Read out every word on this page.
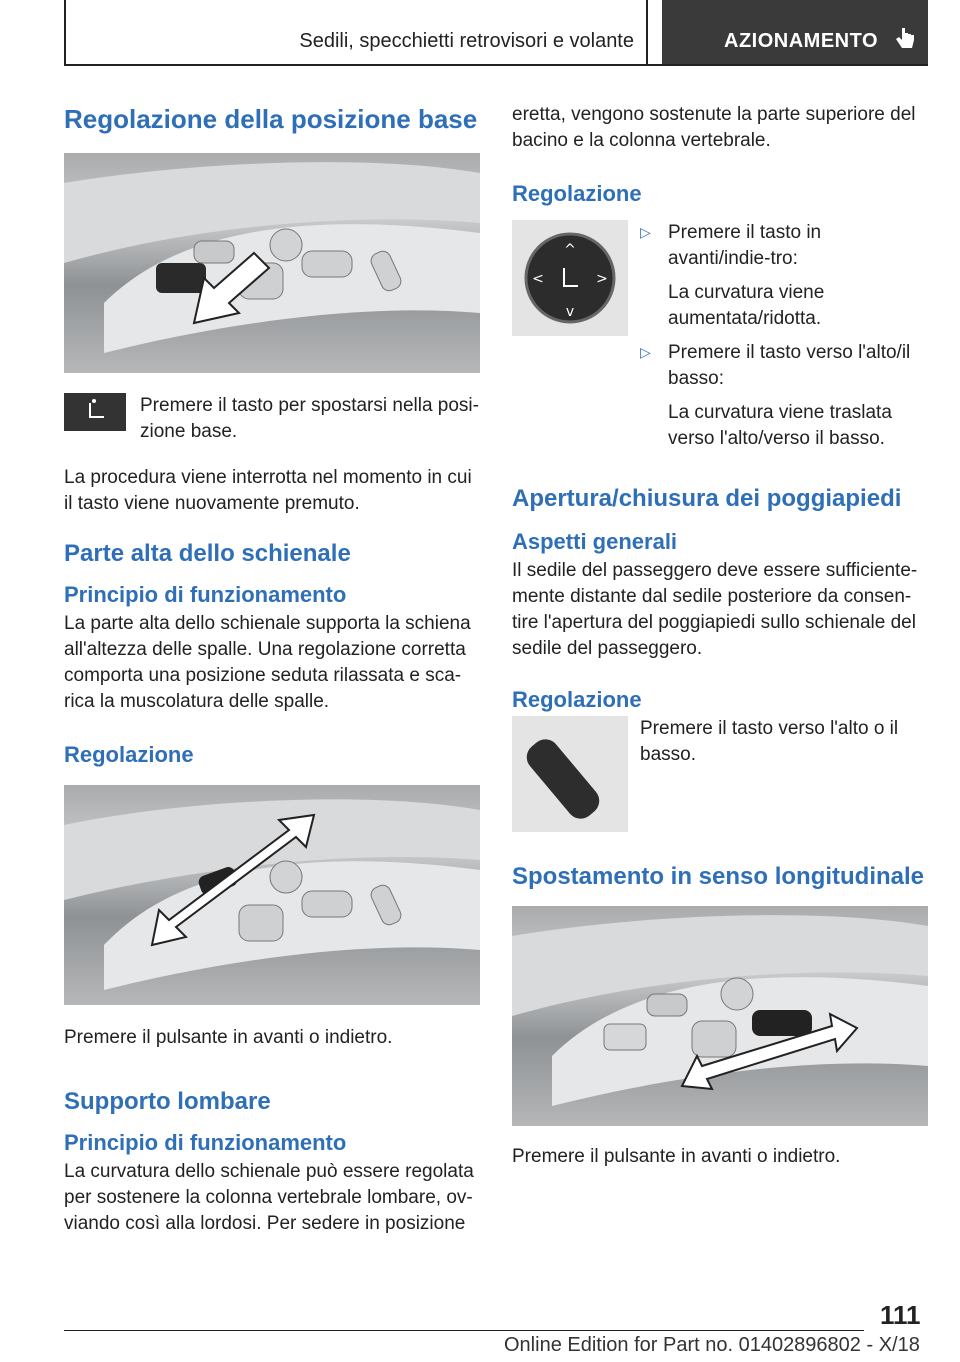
Sedili, specchietti retrovisori e volante	AZIONAMENTO
Regolazione della posizione base

Premere il tasto per spostarsi nella posi-zione base.

La procedura viene interrotta nel momento in cui il tasto viene nuovamente premuto.

Parte alta dello schienale
Principio di funzionamento

La parte alta dello schienale supporta la schiena all'altezza delle spalle. Una regolazione corretta comporta una posizione seduta rilassata e sca-rica la muscolatura delle spalle.

Regolazione

Premere il pulsante in avanti o indietro.

Supporto lombare
Principio di funzionamento

La curvatura dello schienale può essere regolata per sostenere la colonna vertebrale lombare, ov-viando così alla lordosi. Per sedere in posizione

eretta, vengono sostenute la parte superiore del bacino e la colonna vertebrale.

Regolazione
^
v
<	>
▷ Premere il tasto in avanti/indie-tro:

La curvatura viene aumentata/ridotta.

▷ Premere il tasto verso l'alto/il basso:

La curvatura viene traslata verso l'alto/verso il basso.

Apertura/chiusura dei poggiapiedi
Aspetti generali

Il sedile del passeggero deve essere sufficiente-mente distante dal sedile posteriore da consen-tire l'apertura del poggiapiedi sullo schienale del sedile del passeggero.

Regolazione

Premere il tasto verso l'alto o il basso.

Spostamento in senso longitudinale

Premere il pulsante in avanti o indietro.

111
Online Edition for Part no. 01402896802 - X/18
